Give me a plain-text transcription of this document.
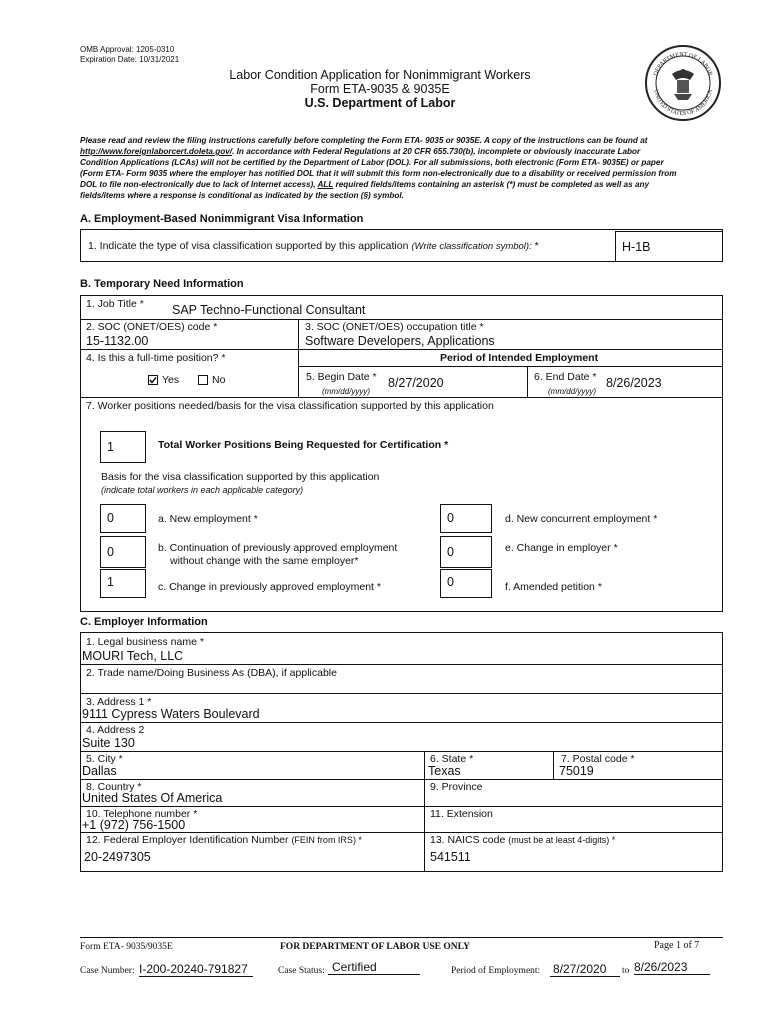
OMB Approval: 1205-0310
Expiration Date: 10/31/2021
Labor Condition Application for Nonimmigrant Workers
Form ETA-9035 & 9035E
U.S. Department of Labor
DEPARTMENT OF LABOR
UNITED STATES OF AMERICA
Please read and review the filing instructions carefully before completing the Form ETA- 9035 or 9035E. A copy of the instructions can be found at
http://www.foreignlaborcert.doleta.gov/. In accordance with Federal Regulations at 20 CFR 655.730(b), incomplete or obviously inaccurate Labor
Condition Applications (LCAs) will not be certified by the Department of Labor (DOL). For all submissions, both electronic (Form ETA- 9035E) or paper
(Form ETA- Form 9035 where the employer has notified DOL that it will submit this form non-electronically due to a disability or received permission from
DOL to file non-electronically due to lack of Internet access), ALL required fields/items containing an asterisk (*) must be completed as well as any
fields/items where a response is conditional as indicated by the section (§) symbol.
A. Employment-Based Nonimmigrant Visa Information
1. Indicate the type of visa classification supported by this application (Write classification symbol): *	H-1B
B. Temporary Need Information
1. Job Title * SAP Techno-Functional Consultant
2. SOC (ONET/OES) code *
15-1132.00
3. SOC (ONET/OES) occupation title *
Software Developers, Applications
4. Is this a full-time position? *	Period of Intended Employment
Yes	No	5. Begin Date * 8/27/2020
(mm/dd/yyyy)
6. End Date * 8/26/2023
(mm/dd/yyyy)
7. Worker positions needed/basis for the visa classification supported by this application
1	Total Worker Positions Being Requested for Certification *
Basis for the visa classification supported by this application
(indicate total workers in each applicable category)
0	a. New employment *	0	d. New concurrent employment *
0	b. Continuation of previously approved employment
without change with the same employer*
0	e. Change in employer *
1	c. Change in previously approved employment *	0	f. Amended petition *
C. Employer Information
1. Legal business name *
MOURI Tech, LLC
2. Trade name/Doing Business As (DBA), if applicable
3. Address 1 *
9111 Cypress Waters Boulevard
4. Address 2
Suite 130
5. City *
Dallas
6. State *
Texas
7. Postal code *
75019
8. Country *
United States Of America
9. Province
10. Telephone number *
+1 (972) 756-1500
11. Extension
12. Federal Employer Identification Number (FEIN from IRS) *
20-2497305
13. NAICS code (must be at least 4-digits) *
541511
Form ETA- 9035/9035E	FOR DEPARTMENT OF LABOR USE ONLY	Page 1 of 7
Case Number: I-200-20240-791827	Case Status: Certified	Period of Employment: 8/27/2020	to 8/26/2023
